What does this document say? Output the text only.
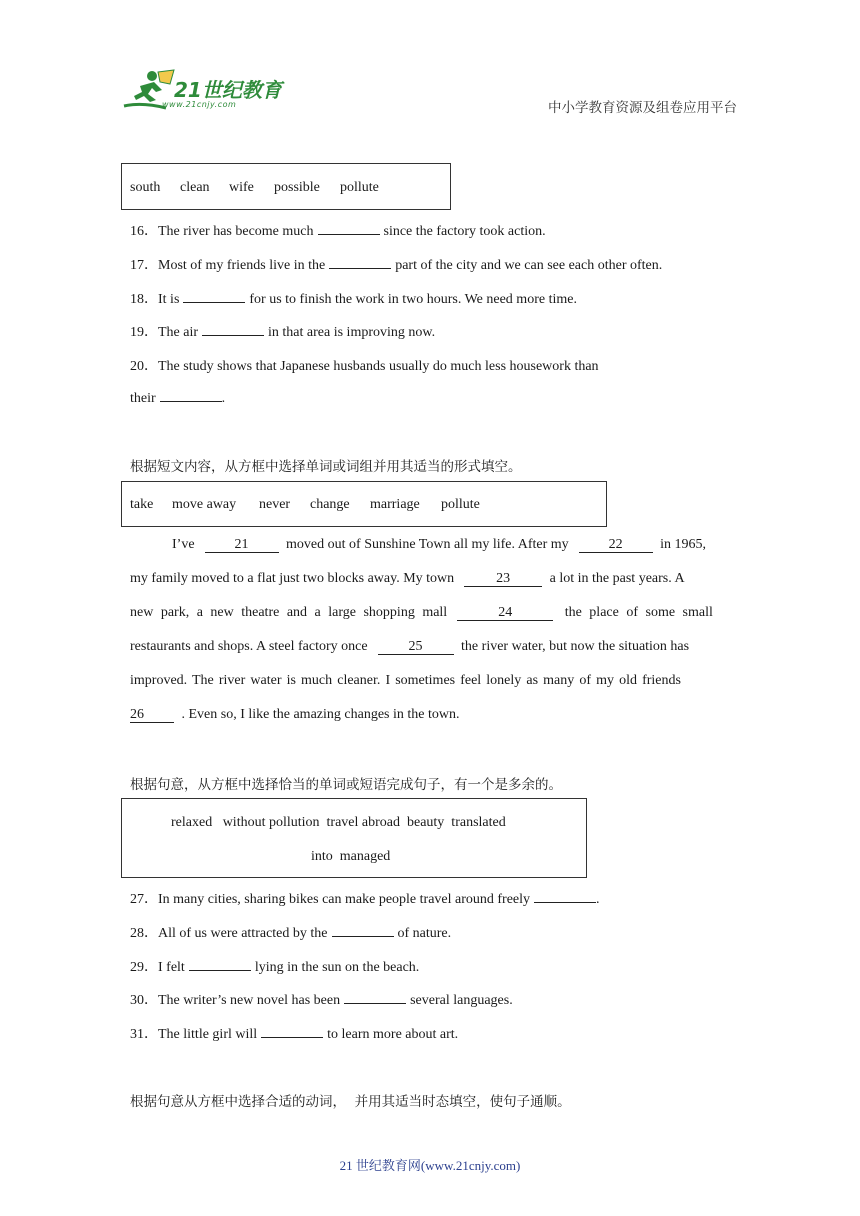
21世纪教育
www.21cnjy.com	中小学教育资源及组卷应用平台
south clean wife possible pollute
16．The river has become much	since the factory took action.
17．Most of my friends live in the	part of the city and we can see each other often.
18．It is	for us to finish the work in two hours. We need more time.
19．The air	in that area is improving now.
20．The study shows that Japanese husbands usually do much less housework than
their	.
根据短文内容，从方框中选择单词或词组并用其适当的形式填空。
take move away never change marriage pollute
I’ve	21	moved out of Sunshine Town all my life. After my	22	in 1965,
my family moved to a flat just two blocks away. My town	23	a lot in the past years. A
new park, a new theatre and a large shopping mall	24	the place of some small
restaurants and shops. A steel factory once	25	the river water, but now the situation has
improved. The river water is much cleaner. I sometimes feel lonely as many of my old friends
26	. Even so, I like the amazing changes in the town.
根据句意，从方框中选择恰当的单词或短语完成句子，有一个是多余的。
relaxed   without pollution  travel abroad  beauty  translated
into  managed
27．In many cities, sharing bikes can make people travel around freely	.
28．All of us were attracted by the	of nature.
29．I felt	lying in the sun on the beach.
30．The writer’s new novel has been	several languages.
31．The little girl will	to learn more about art.
根据句意从方框中选择合适的动词，  并用其适当时态填空，使句子通顺。
21 世纪教育网(www.21cnjy.com)
